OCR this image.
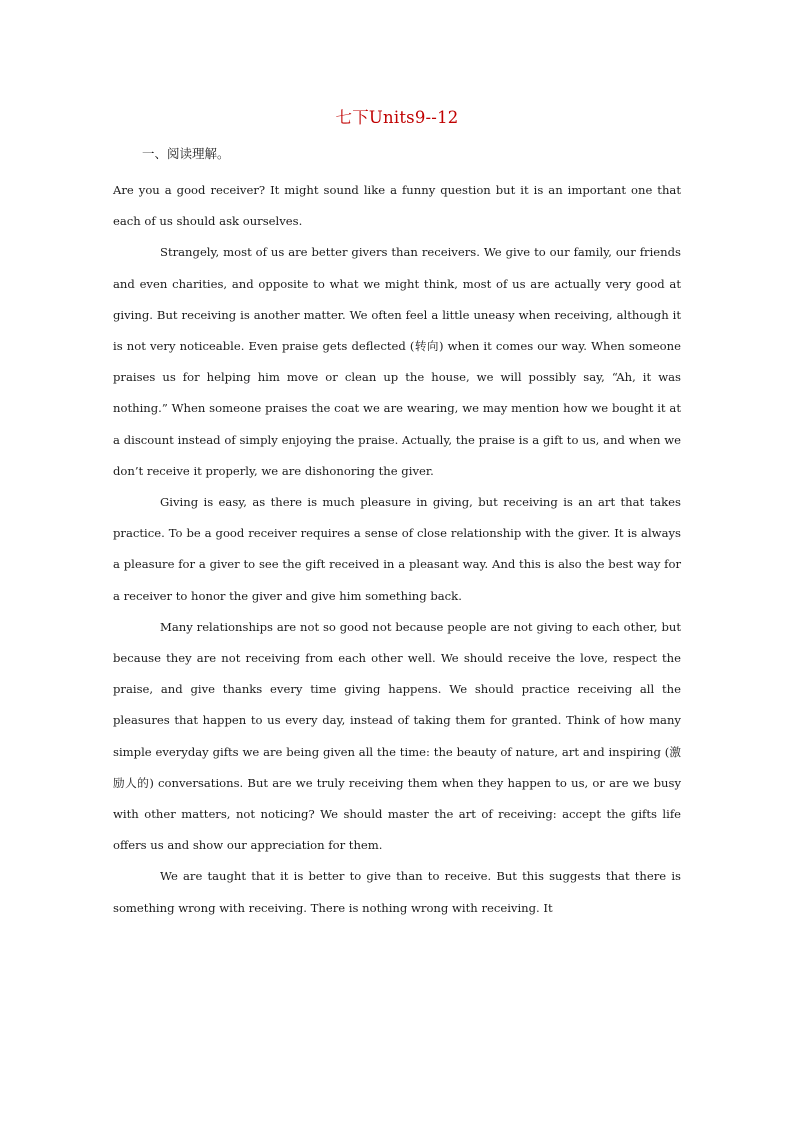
七下Units9--12
一、阅读理解。

Are you a good receiver? It might sound like a funny question but it is an important one that each of us should ask ourselves.

Strangely, most of us are better givers than receivers. We give to our family, our friends and even charities, and opposite to what we might think, most of us are actually very good at giving. But receiving is another matter. We often feel a little uneasy when receiving, although it is not very noticeable. Even praise gets deflected (转向) when it comes our way. When someone praises us for helping him move or clean up the house, we will possibly say, “Ah, it was nothing.” When someone praises the coat we are wearing, we may mention how we bought it at a discount instead of simply enjoying the praise. Actually, the praise is a gift to us, and when we don’t receive it properly, we are dishonoring the giver.

Giving is easy, as there is much pleasure in giving, but receiving is an art that takes practice. To be a good receiver requires a sense of close relationship with the giver. It is always a pleasure for a giver to see the gift received in a pleasant way. And this is also the best way for a receiver to honor the giver and give him something back.

Many relationships are not so good not because people are not giving to each other, but because they are not receiving from each other well. We should receive the love, respect the praise, and give thanks every time giving happens. We should practice receiving all the pleasures that happen to us every day, instead of taking them for granted. Think of how many simple everyday gifts we are being given all the time: the beauty of nature, art and inspiring (激励人的) conversations. But are we truly receiving them when they happen to us, or are we busy with other matters, not noticing? We should master the art of receiving: accept the gifts life offers us and show our appreciation for them.

We are taught that it is better to give than to receive. But this suggests that there is something wrong with receiving. There is nothing wrong with receiving. It
